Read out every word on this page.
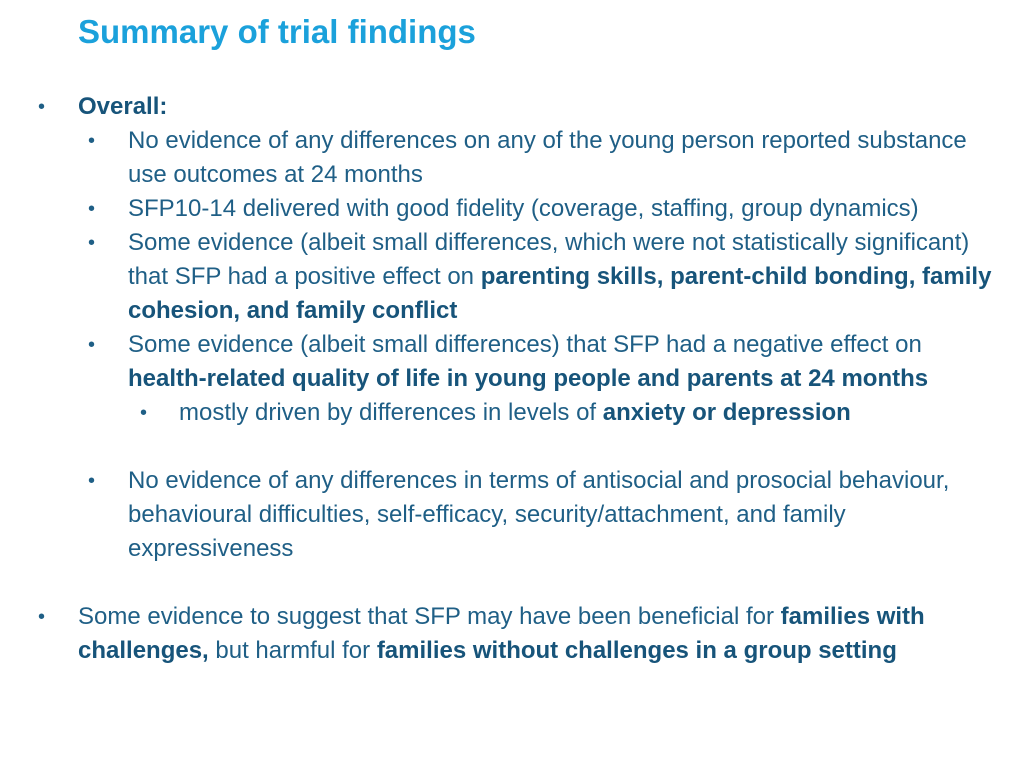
Summary of trial findings
• Overall:
• No evidence of any differences on any of the young person reported substance use outcomes at 24 months
• SFP10-14 delivered with good fidelity (coverage, staffing, group dynamics)
• Some evidence (albeit small differences, which were not statistically significant) that SFP had a positive effect on parenting skills, parent-child bonding, family cohesion, and family conflict
• Some evidence (albeit small differences) that SFP had a negative effect on health-related quality of life in young people and parents at 24 months
• mostly driven by differences in levels of anxiety or depression
• No evidence of any differences in terms of antisocial and prosocial behaviour, behavioural difficulties, self-efficacy, security/attachment, and family expressiveness
• Some evidence to suggest that SFP may have been beneficial for families with challenges, but harmful for families without challenges in a group setting
